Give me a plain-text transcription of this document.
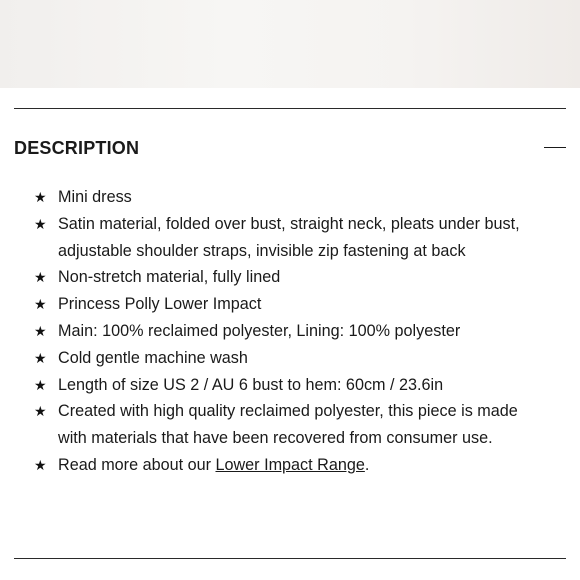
DESCRIPTION
★ Mini dress
★ Satin material, folded over bust, straight neck, pleats under bust, adjustable shoulder straps, invisible zip fastening at back
★ Non-stretch material, fully lined
★ Princess Polly Lower Impact
★ Main: 100% reclaimed polyester, Lining: 100% polyester
★ Cold gentle machine wash
★ Length of size US 2 / AU 6 bust to hem: 60cm / 23.6in
★ Created with high quality reclaimed polyester, this piece is made with materials that have been recovered from consumer use.
★ Read more about our Lower Impact Range.
